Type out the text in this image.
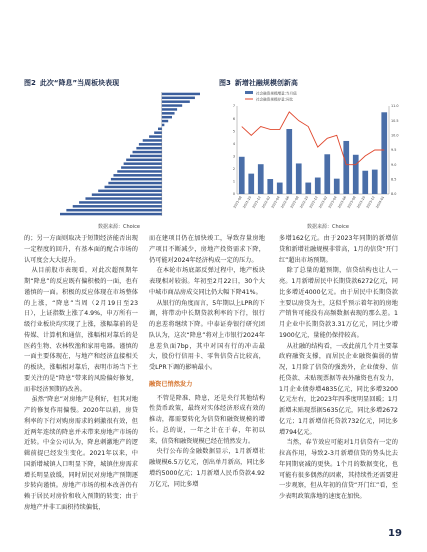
图2 此次“降息”当周板块表现
数据来源：Choice
图3 新增社融规模创新高
社会融资规模增量:当月值
社会融资规模存量:同比
0
1
2
3
4
5
6
7
8.0
8.5
9.0
9.5
10.0
10.5
11.0
2021-08 2021-10 2021-12 2022-02 2022-04 2022-06 2022-08 2022-10 2022-12 2023-02 2023-04 2023-06 2023-08 2023-10 2023-12 2024-01
数据来源：Choice

的；另一方面则取决于短期经济能否出现一定程度的回升，有基本面的配合市场的认可度会大大提升。

从目前股市表现看，对此次超预期年期“降息”的反应既有偏积极的一面，也有谨慎的一面。积极的反应体现在市场整体的上涨，“降息”当周（2月19日至23日），上证指数上涨了4.9%，申万所有一级行业板块均实现了上涨，涨幅靠前的是传媒、计算机和通信，涨幅相对靠后的是医药生物、农林牧渔和家用电器。谨慎的一面主要体现在，与地产和经济直接相关的板块，涨幅相对靠后，表明市场当下主要关注的是“降息”带来的风险偏好修复，而非经济预期的改善。

虽然“降息”对房地产是利好，但其对地产的修复作用偏慢。2020年以前，房贷利率的下行对购房需求的刺激很有效，但近两年连续的降息并未带来房地产市场的近转。中金公司认为，降息刺激地产的逻辑前提已经发生变化。2021年以来，中国新增城镇人口明显下降，城镇住房需求增长明显放缓，同时居民对房地产预期逐步转向谨慎。房地产市场的根本改善仍有赖于居民对房价和收入预期的转变；由于房地产并非工面积持续偏低，

而在建项目仍在加快竣工，导致存量房地产项目不断减少，房地产投资需求下降，仍可能对2024年经济构成一定的压力。

在本轮市场底部反弹过程中，地产板块表现相对较弱。年初至2月22日，30个大中城市商品房成交同比仍大幅下降41%。

从银行的角度而言，5年期以上LPR的下调，将带动中长期贷款利率的下行，银行的息差将继续下降。中泰证券银行研究团队认为，这次“降息”将对上市银行2024年息差负面7bp，其中对国有行的冲击最大，股份行信用卡、零售信贷占比较高，受LPR下调的影响最小。

融资已悄然发力

不管是降准、降息，还是央行其他结构性货币政策，最终对实体经济形成有效的推动，都需要转化为信贷和融资规模的增长。总的说，一年之计在于春，年初以来，信贷和融资规模已经在悄然发力。

央行公布的金融数据显示，1月新增社融规模6.5万亿元，创出单月新高，同比多增约5000亿元；1月新增人民币贷款4.92万亿元，同比多增

多增162亿元。由于2023年同期的新增信贷和新增社融规模非常高，1月的信贷“开门红”超出市场预期。

除了总量的超预期，信贷结构也让人一亮。1月新增居民中长期贷款6272亿元，同比多增近4000亿元。由于居民中长期贷款主要以房贷为主，这似乎预示着年初的房地产销售可能没有高频数据表现的那么差。1月企业中长期贷款3.31万亿元，同比少增1900亿元，量能仍保持较高。

从社融的结构看，一改此前几个月主要靠政府融资支撑，而居民企业融资偏弱的情况，1月除了信贷的强劲外，企业债券、信托贷款、未贴现票据等表外融资也有发力，1月企业债券增4835亿元，同比多增3200亿元左右，比2023年四季度明显回暖；1月新增未贴现票据5635亿元，同比多增2672亿元；1月新增信托贷款732亿元，同比多增794亿元。

当然，春节效应可能对1月信贷有一定的拉高作用，导致2-3月新增信贷的势头比去年同期衰减的更快。1个月的数据变化，也可能有很多偶然的因素，其持续性还需要进一步观察，但从年初的信贷“开门红”看，至少表明政策落地的速度在加快。

19
